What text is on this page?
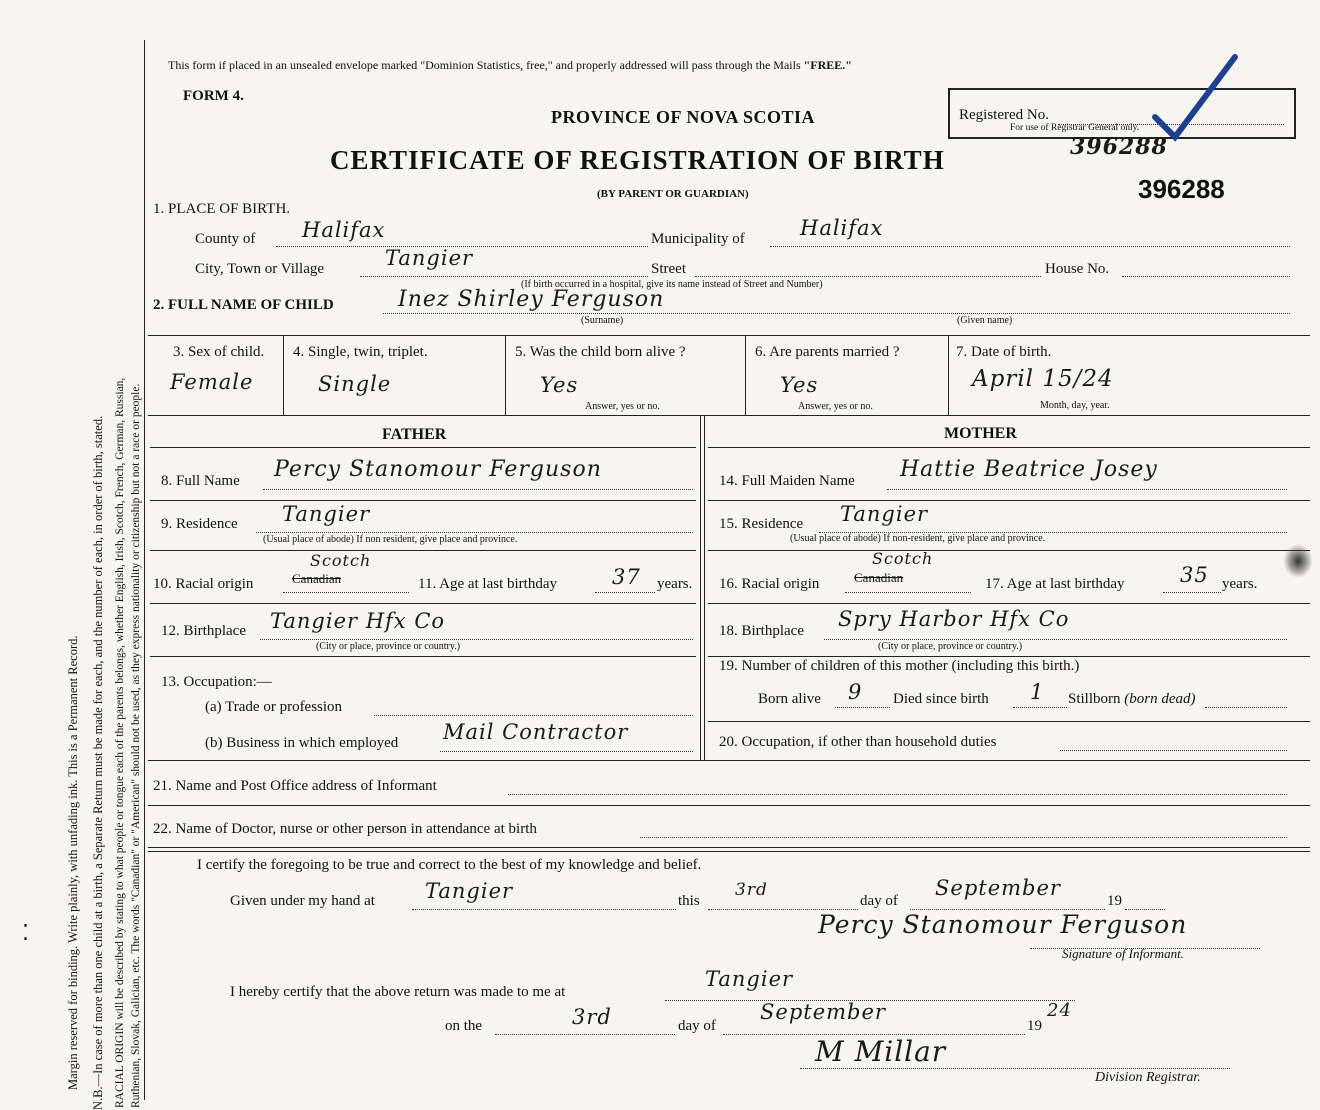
Margin reserved for binding. Write plainly, with unfading ink. This is a Permanent Record. N.B.—In case of more than one child at a birth, a Separate Return must be made for each, and the number of each, in order of birth, stated. RACIAL ORIGIN will be described by stating to what people or tongue each of the parents belongs, whether English, Irish, Scotch, French, German, Russian, Ruthenian, Slovak, Galician, etc. The words "Canadian" or "American" should not be used, as they express nationality or citizenship but not a race or people.
⁚
This form if placed in an unsealed envelope marked "Dominion Statistics, free," and properly addressed will pass through the Mails "FREE."
FORM 4.
PROVINCE OF NOVA SCOTIA
CERTIFICATE OF REGISTRATION OF BIRTH
(BY PARENT OR GUARDIAN)
Registered No.
For use of Registrar General only.
396288
396288
1. PLACE OF BIRTH.
County of Halifax	Municipality of	Halifax
City, Town or Village	Tangier	Street
(If birth occurred in a hospital, give its name instead of Street and Number)
House No.
2. FULL NAME OF CHILD	Inez Shirley Ferguson
(Surname)	(Given name)
3. Sex of child.
Female
4. Single, twin, triplet.
Single
5. Was the child born alive ?
Yes
Answer, yes or no.
6. Are parents married ?
Yes
Answer, yes or no.
7. Date of birth.
April 15/24
Month, day, year.
FATHER	MOTHER
8. Full Name Percy Stanomour Ferguson
9. Residence Tangier
(Usual place of abode) If non resident, give place and province.
10. Racial origin
Scotch
Canadian	11. Age at last birthday	37 years.
12. Birthplace Tangier Hfx Co
(City or place, province or country.)
13. Occupation:—
(a) Trade or profession
(b) Business in which employed Mail Contractor
14. Full Maiden Name Hattie Beatrice Josey
15. Residence Tangier
(Usual place of abode) If non-resident, give place and province.
16. Racial origin
Scotch
Canadian	17. Age at last birthday	35 years.
18. Birthplace Spry Harbor Hfx Co
(City or place, province or country.)
19. Number of children of this mother (including this birth.)
Born alive 9 Died since birth 1 Stillborn (born dead)
20. Occupation, if other than household duties
21. Name and Post Office address of Informant
22. Name of Doctor, nurse or other person in attendance at birth
I certify the foregoing to be true and correct to the best of my knowledge and belief.
Given under my hand at Tangier	this
3rd
day of
September
19
Percy Stanomour Ferguson
Signature of Informant.
I hereby certify that the above return was made to me at
Tangier
on the	3rd	day of
September
19
24
M Millar
Division Registrar.
